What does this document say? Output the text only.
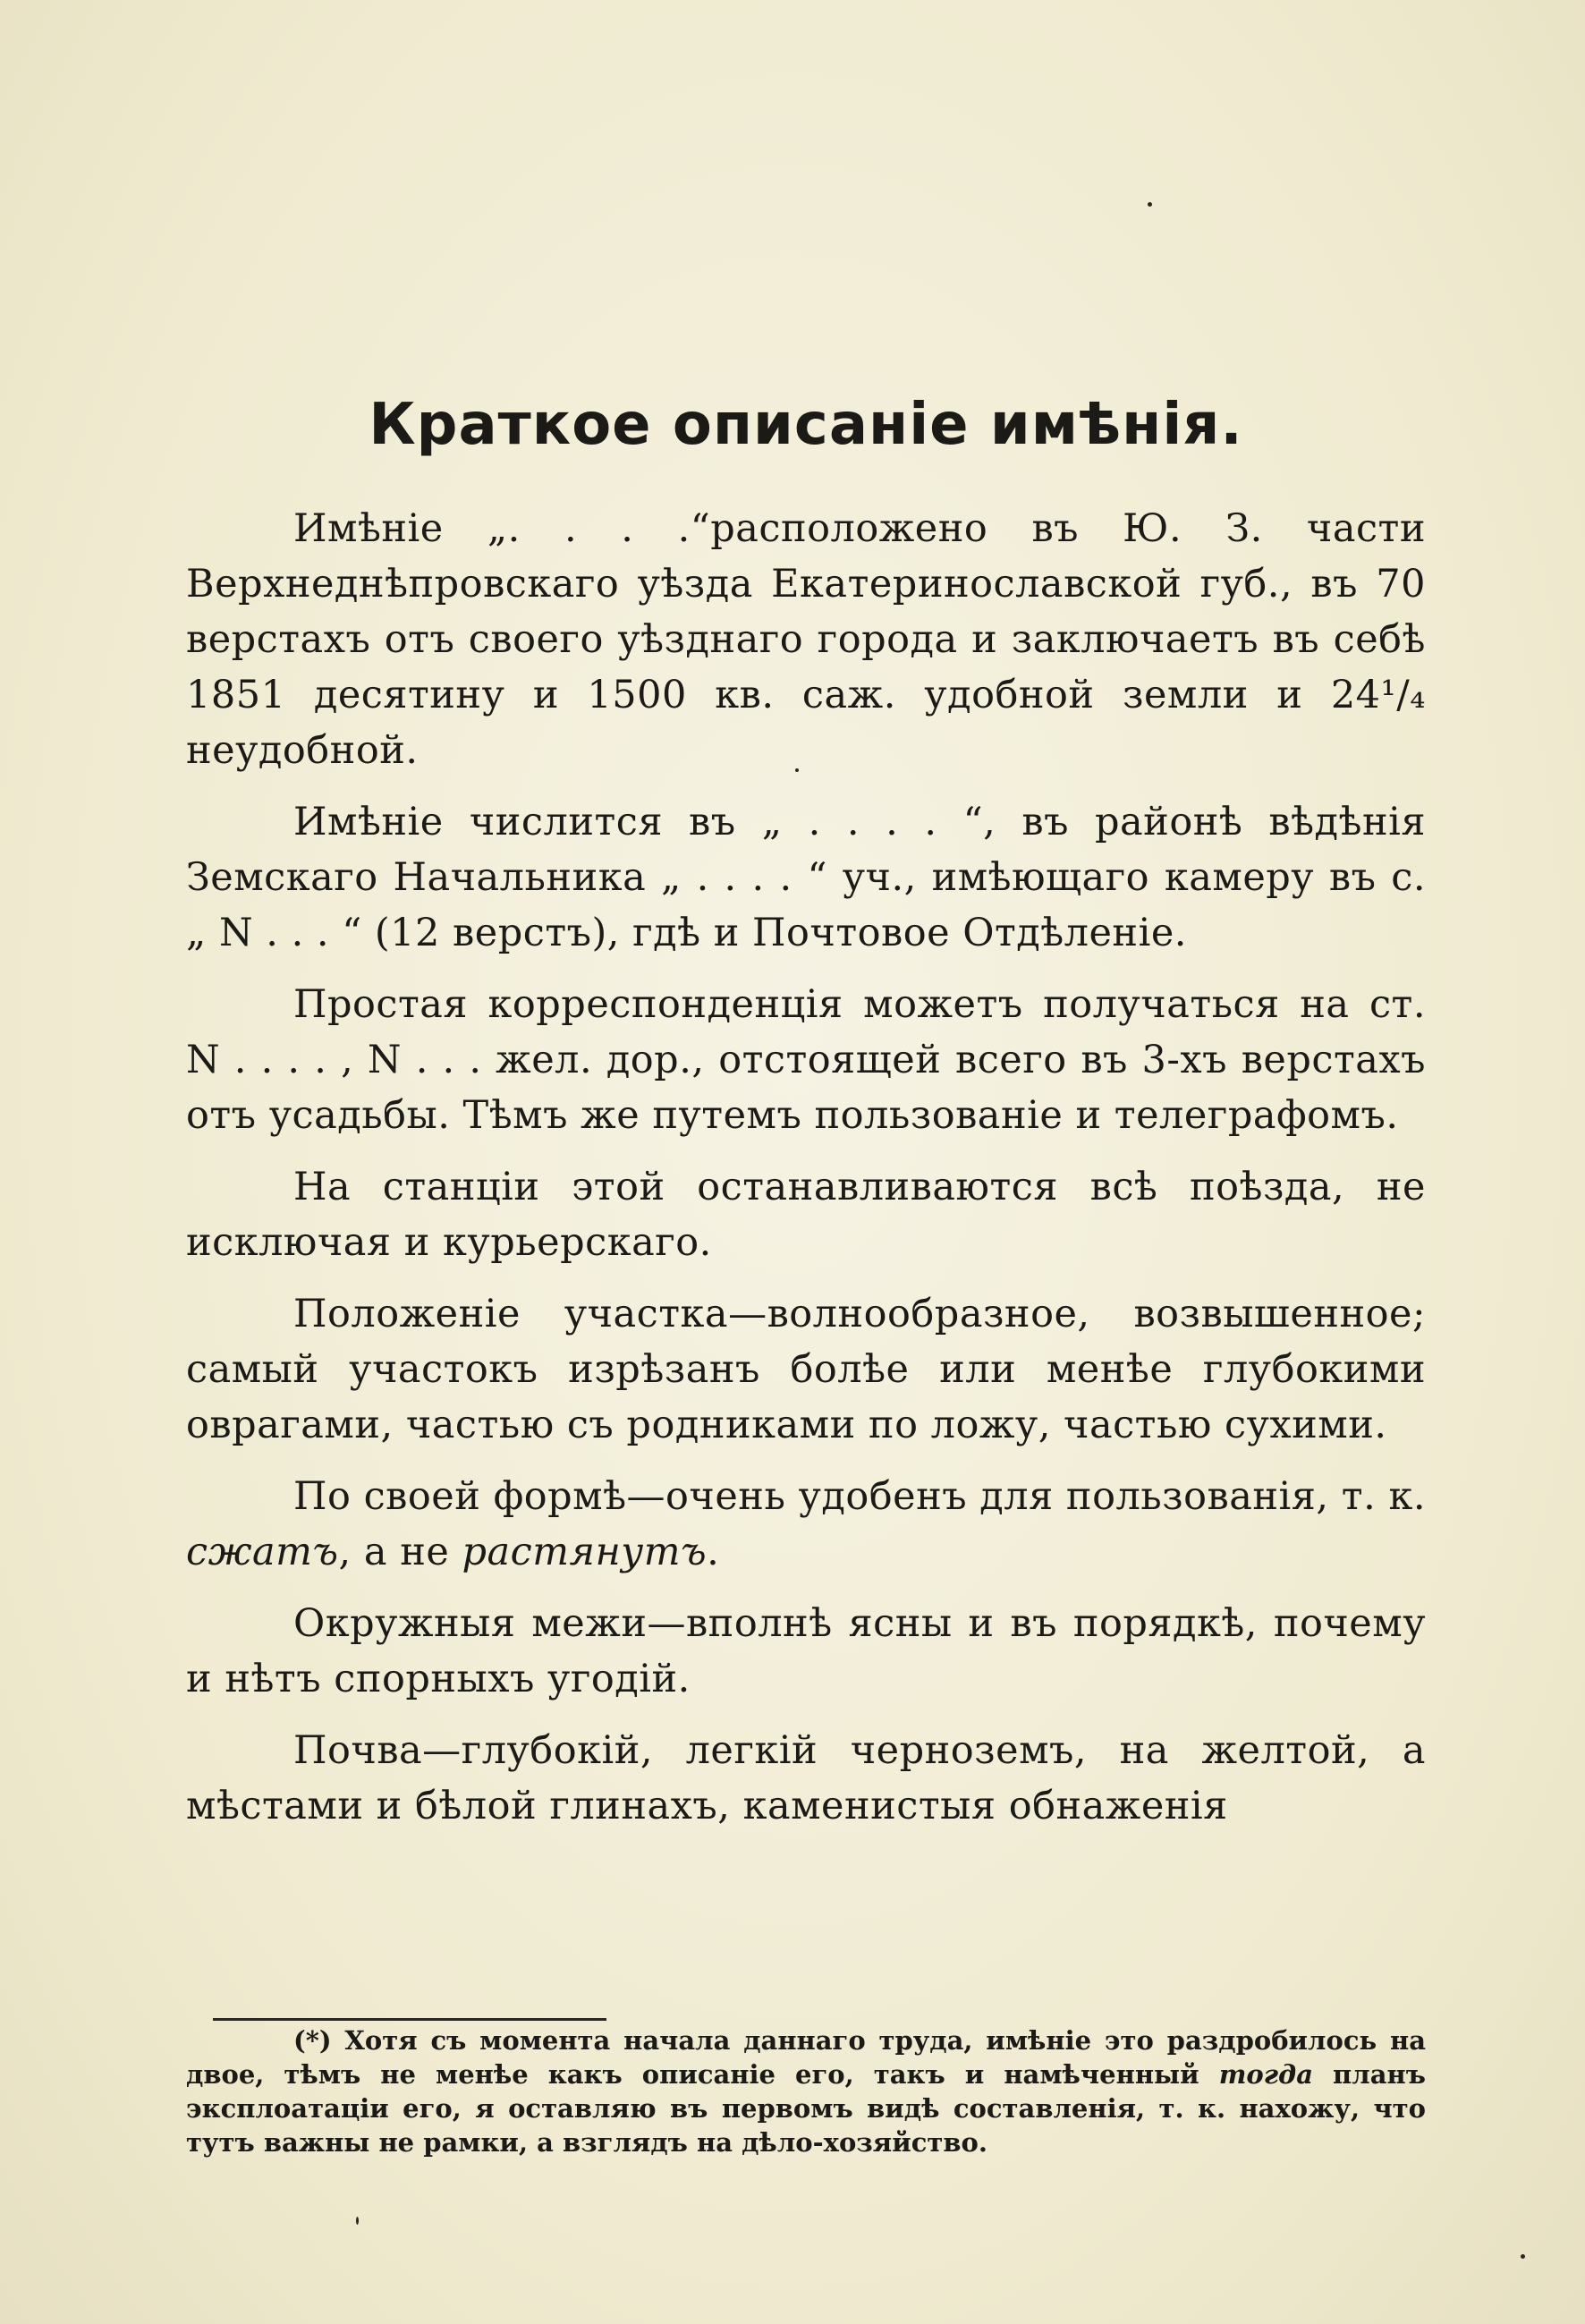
Краткое описаніе имѣнія.

Имѣніе „. . . .“расположено въ Ю. З. части Верхнеднѣпровскаго уѣзда Екатеринославской губ., въ 70 верстахъ отъ своего уѣзднаго города и заключаетъ въ себѣ 1851 десятину и 1500 кв. саж. удобной земли и 24¹/₄ неудобной.

Имѣніе числится въ „ . . . . “, въ районѣ вѣдѣнія Земскаго Начальника „ . . . . “ уч., имѣющаго камеру въ с. „ N . . . “ (12 верстъ), гдѣ и Почтовое Отдѣленіе.

Простая корреспонденція можетъ получаться на ст. N . . . . , N . . . жел. дор., отстоящей всего въ 3-хъ верстахъ отъ усадьбы. Тѣмъ же путемъ пользованіе и телеграфомъ.

На станціи этой останавливаются всѣ поѣзда, не исключая и курьерскаго.

Положеніе участка—волнообразное, возвышенное; самый участокъ изрѣзанъ болѣе или менѣе глубокими оврагами, частью съ родниками по ложу, частью сухими.

По своей формѣ—очень удобенъ для пользованія, т. к. сжатъ, а не растянутъ.

Окружныя межи—вполнѣ ясны и въ порядкѣ, почему и нѣтъ спорныхъ угодій.

Почва—глубокій, легкій черноземъ, на желтой, а мѣстами и бѣлой глинахъ, каменистыя обнаженія

(*) Хотя съ момента начала даннаго труда, имѣніе это раздробилось на двое, тѣмъ не менѣе какъ описаніе его, такъ и намѣченный тогда планъ эксплоатаціи его, я оставляю въ первомъ видѣ составленія, т. к. нахожу, что тутъ важны не рамки, а взглядъ на дѣло-хозяйство.
